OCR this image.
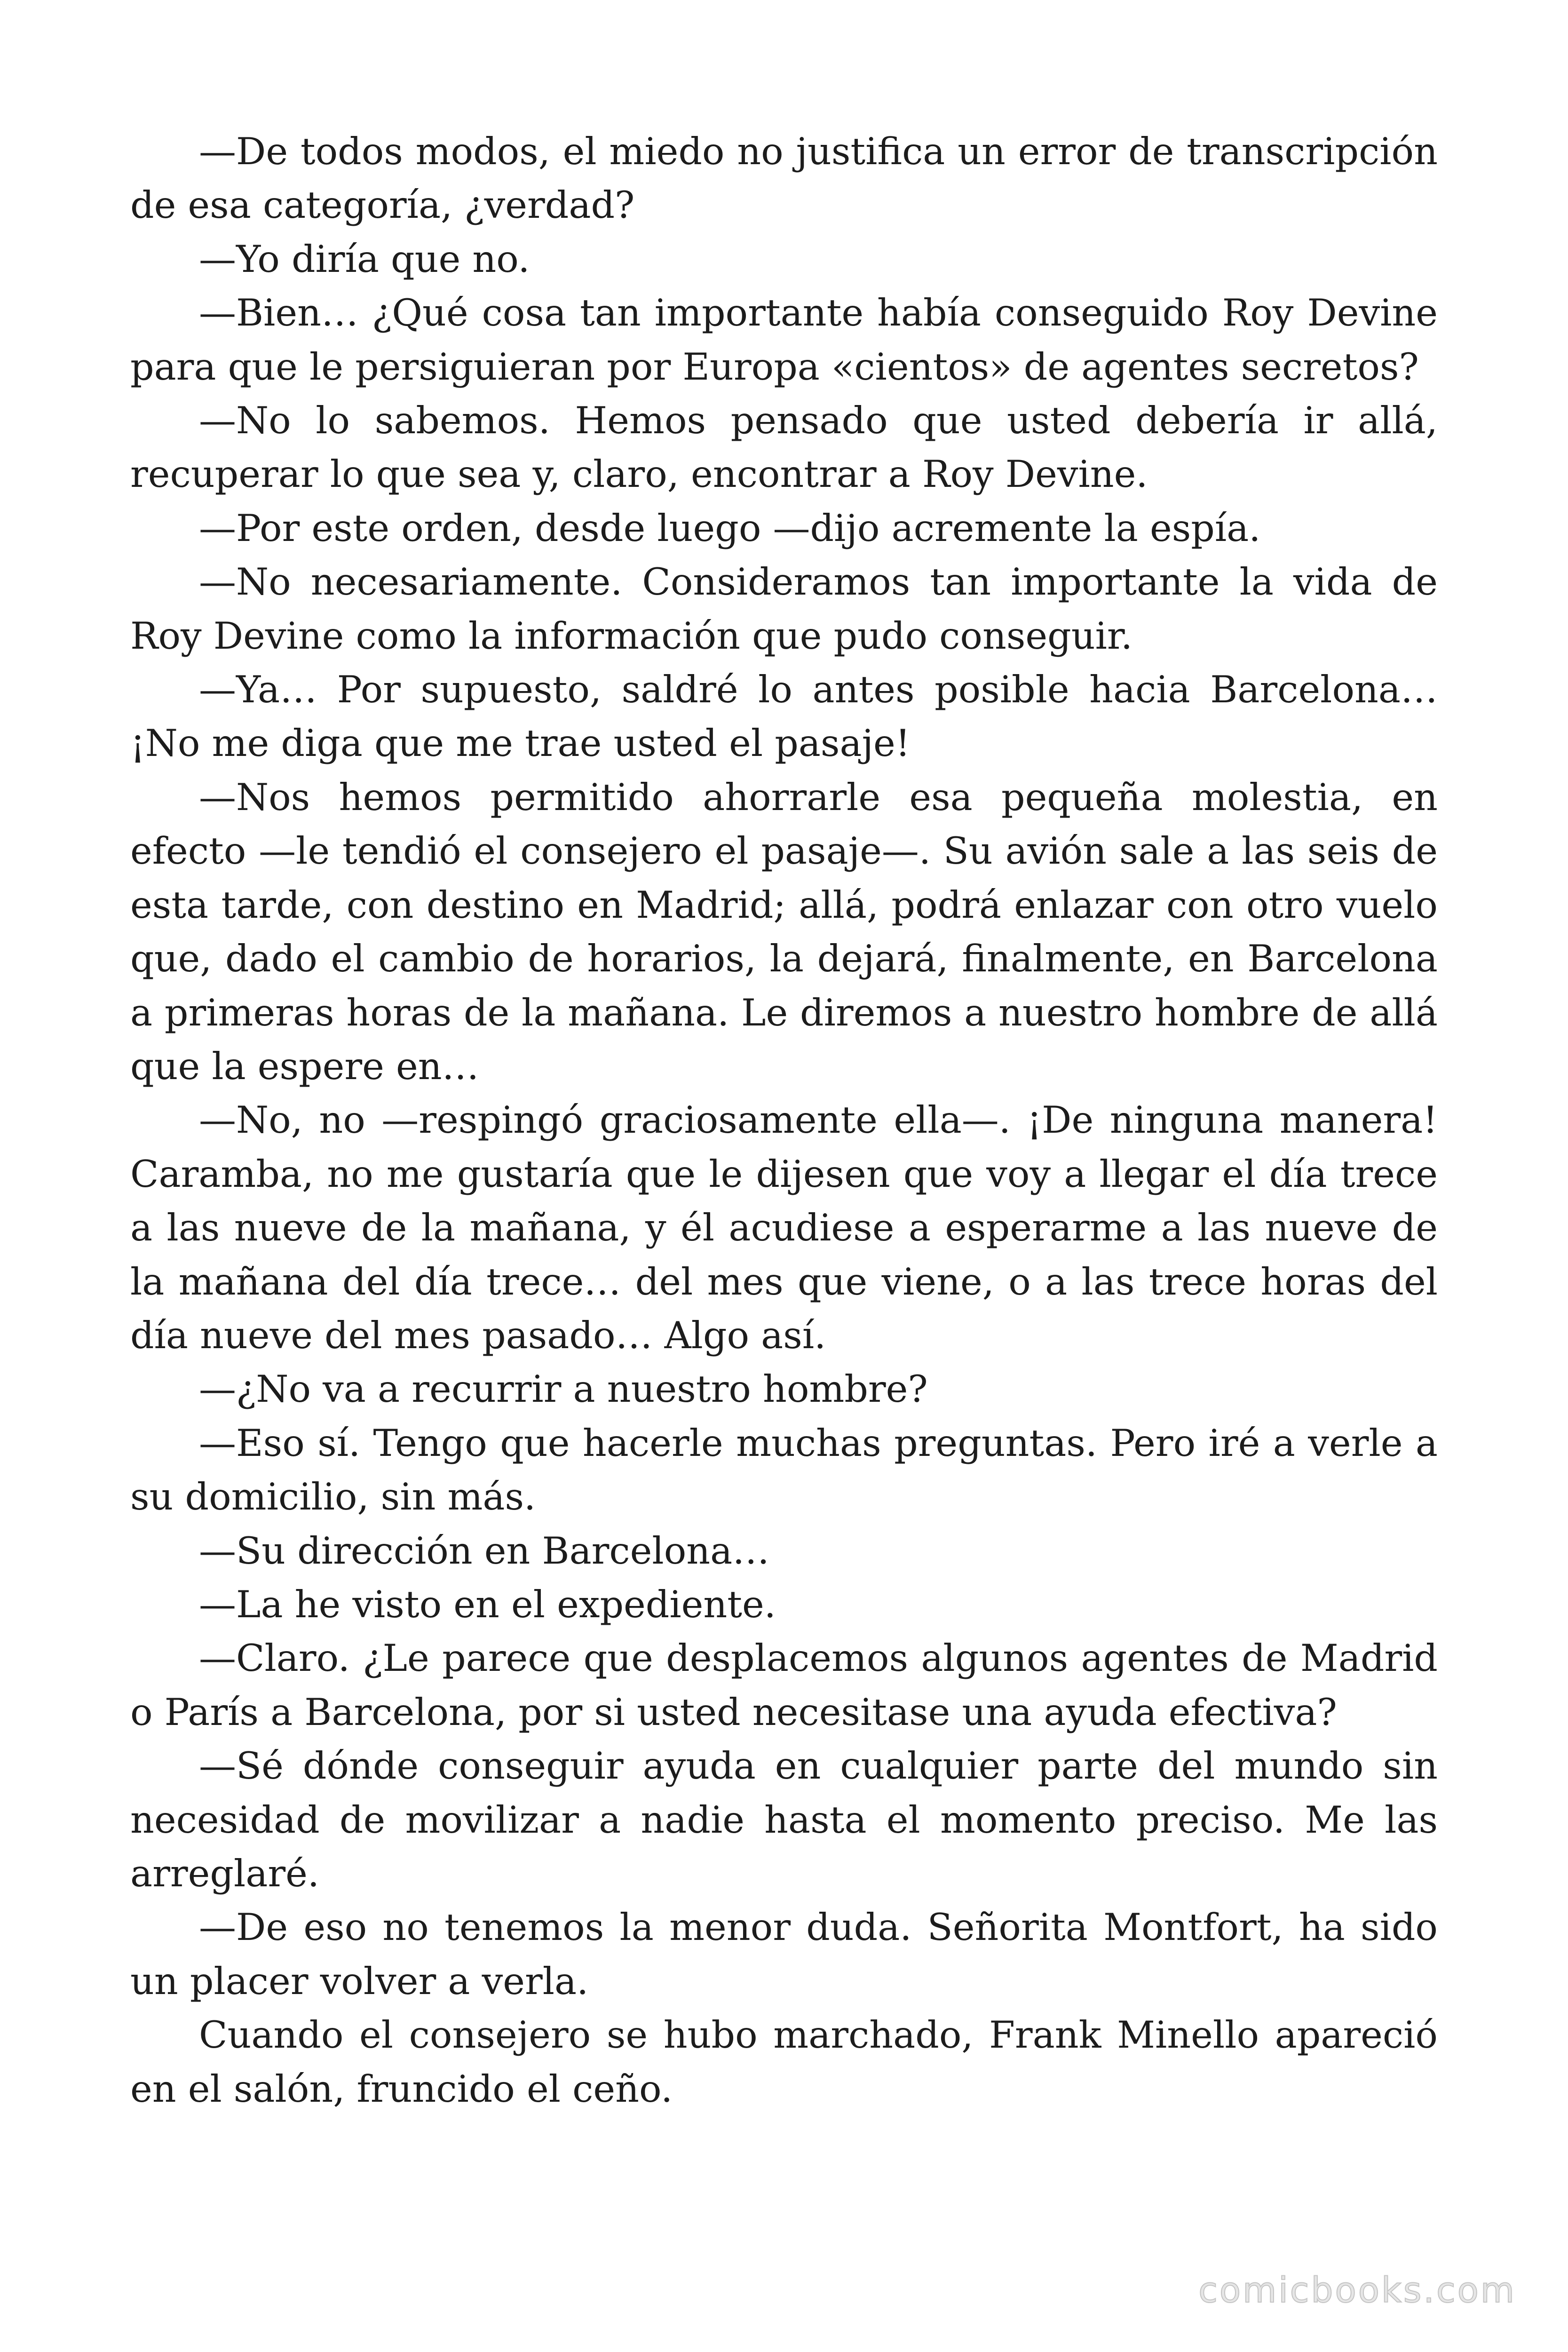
—De todos modos, el miedo no justifica un error de transcripción de esa categoría, ¿verdad?

—Yo diría que no.

—Bien… ¿Qué cosa tan importante había conseguido Roy Devine para que le persiguieran por Europa «cientos» de agentes secretos?

—No lo sabemos. Hemos pensado que usted debería ir allá, recuperar lo que sea y, claro, encontrar a Roy Devine.

—Por este orden, desde luego —dijo acremente la espía.

—No necesariamente. Consideramos tan importante la vida de Roy Devine como la información que pudo conseguir.

—Ya… Por supuesto, saldré lo antes posible hacia Barcelona… ¡No me diga que me trae usted el pasaje!

—Nos hemos permitido ahorrarle esa pequeña molestia, en efecto —le tendió el consejero el pasaje—. Su avión sale a las seis de esta tarde, con destino en Madrid; allá, podrá enlazar con otro vuelo que, dado el cambio de horarios, la dejará, finalmente, en Barcelona a primeras horas de la mañana. Le diremos a nuestro hombre de allá que la espere en…

—No, no —respingó graciosamente ella—. ¡De ninguna manera! Caramba, no me gustaría que le dijesen que voy a llegar el día trece a las nueve de la mañana, y él acudiese a esperarme a las nueve de la mañana del día trece… del mes que viene, o a las trece horas del día nueve del mes pasado… Algo así.

—¿No va a recurrir a nuestro hombre?

—Eso sí. Tengo que hacerle muchas preguntas. Pero iré a verle a su domicilio, sin más.

—Su dirección en Barcelona…

—La he visto en el expediente.

—Claro. ¿Le parece que desplacemos algunos agentes de Madrid o París a Barcelona, por si usted necesitase una ayuda efectiva?

—Sé dónde conseguir ayuda en cualquier parte del mundo sin necesidad de movilizar a nadie hasta el momento preciso. Me las arreglaré.

—De eso no tenemos la menor duda. Señorita Montfort, ha sido un placer volver a verla.

Cuando el consejero se hubo marchado, Frank Minello apareció en el salón, fruncido el ceño.

comicbooks.com
